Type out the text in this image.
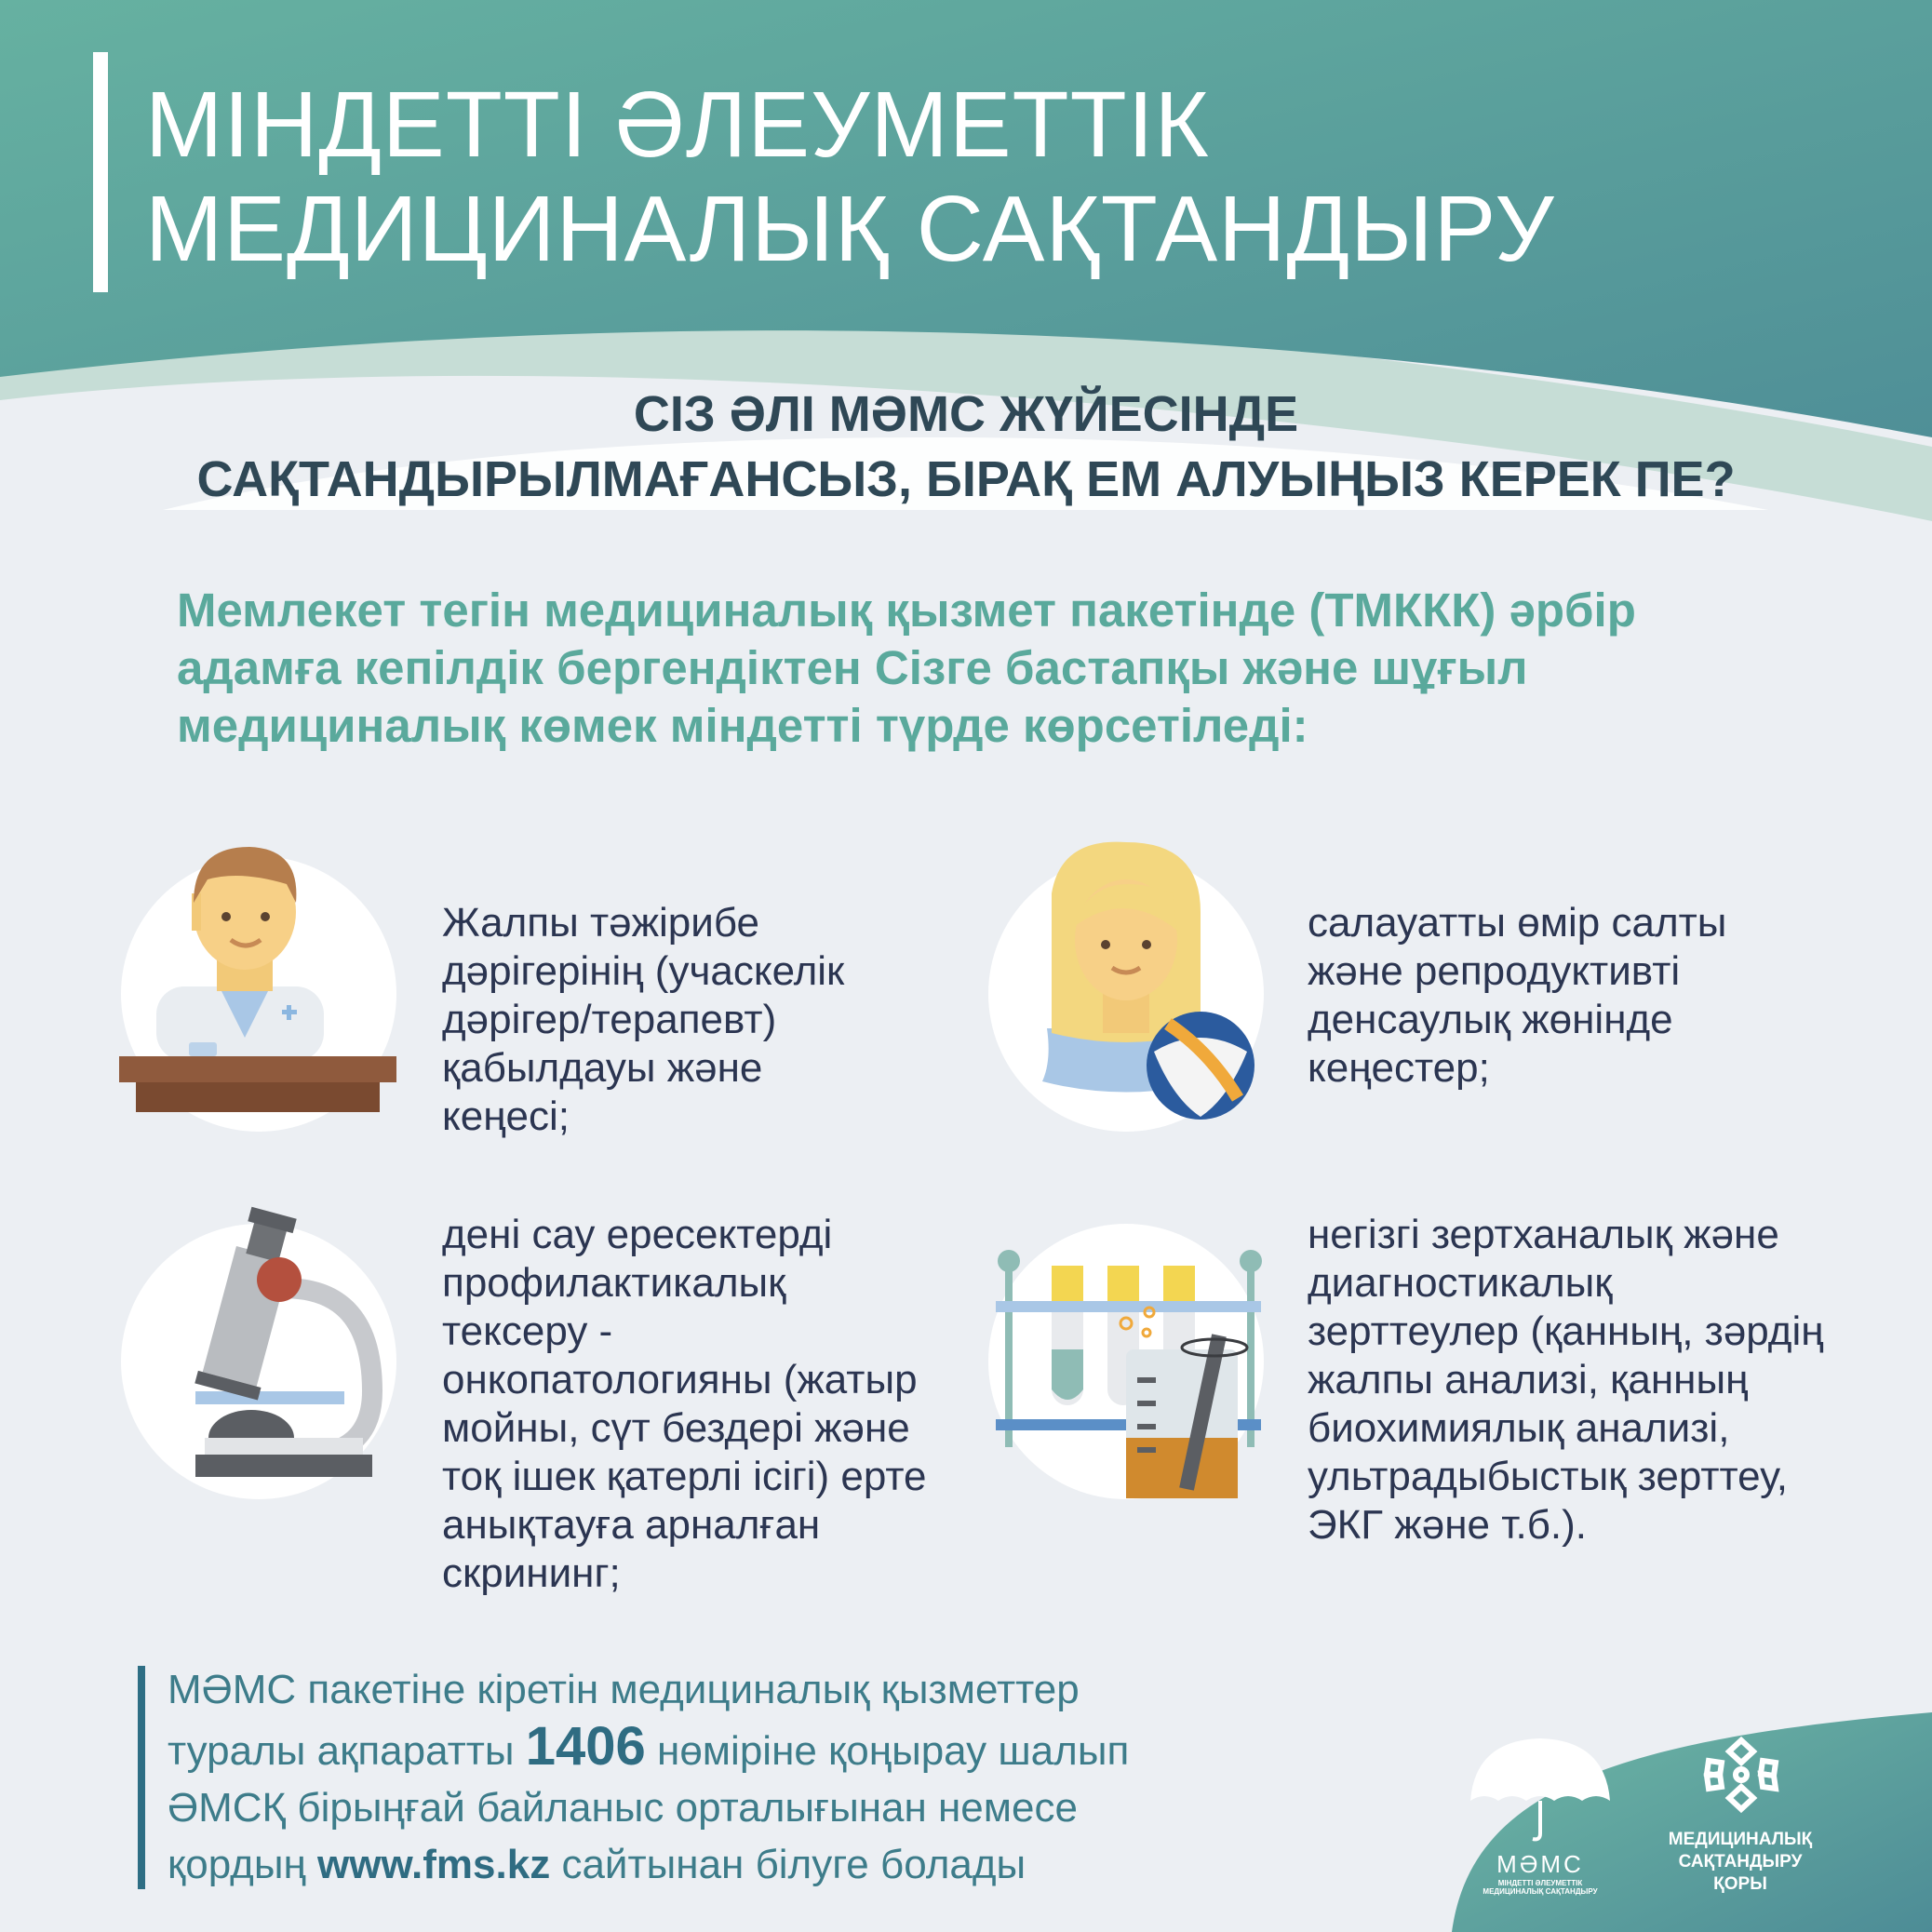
МІНДЕТТІ ӘЛЕУМЕТТІК
МЕДИЦИНАЛЫҚ САҚТАНДЫРУ
СІЗ ӘЛІ МӘМС ЖҮЙЕСІНДЕ
САҚТАНДЫРЫЛМАҒАНСЫЗ, БІРАҚ ЕМ АЛУЫҢЫЗ КЕРЕК ПЕ?
Мемлекет тегін медициналық қызмет пакетінде (ТМККК) әрбір
адамға кепілдік бергендіктен Сізге бастапқы және шұғыл
медициналық көмек міндетті түрде көрсетіледі:
Жалпы тәжірибе
дәрігерінің (учаскелік
дәрігер/терапевт)
қабылдауы және
кеңесі;
салауатты өмір салты
және репродуктивті
денсаулық жөнінде
кеңестер;
дені сау ересектерді
профилактикалық
тексеру -
онкопатологияны (жатыр
мойны, сүт бездері және
тоқ ішек қатерлі ісігі) ерте
анықтауға арналған
скрининг;
негізгі зертханалық және
диагностикалық
зерттеулер (қанның, зәрдің
жалпы анализі, қанның
биохимиялық анализі,
ультрадыбыстық зерттеу,
ЭКГ және т.б.).
МӘМС пакетіне кіретін медициналық қызметтер
туралы ақпаратты 1406 нөміріне қоңырау шалып
ӘМСҚ бірыңғай байланыс орталығынан немесе
қордың www.fms.kz сайтынан білуге болады	МӘМС
МІНДЕТТІ ӘЛЕУМЕТТІК
МЕДИЦИНАЛЫҚ САҚТАНДЫРУ
МЕДИЦИНАЛЫҚ
САҚТАНДЫРУ
ҚОРЫ
